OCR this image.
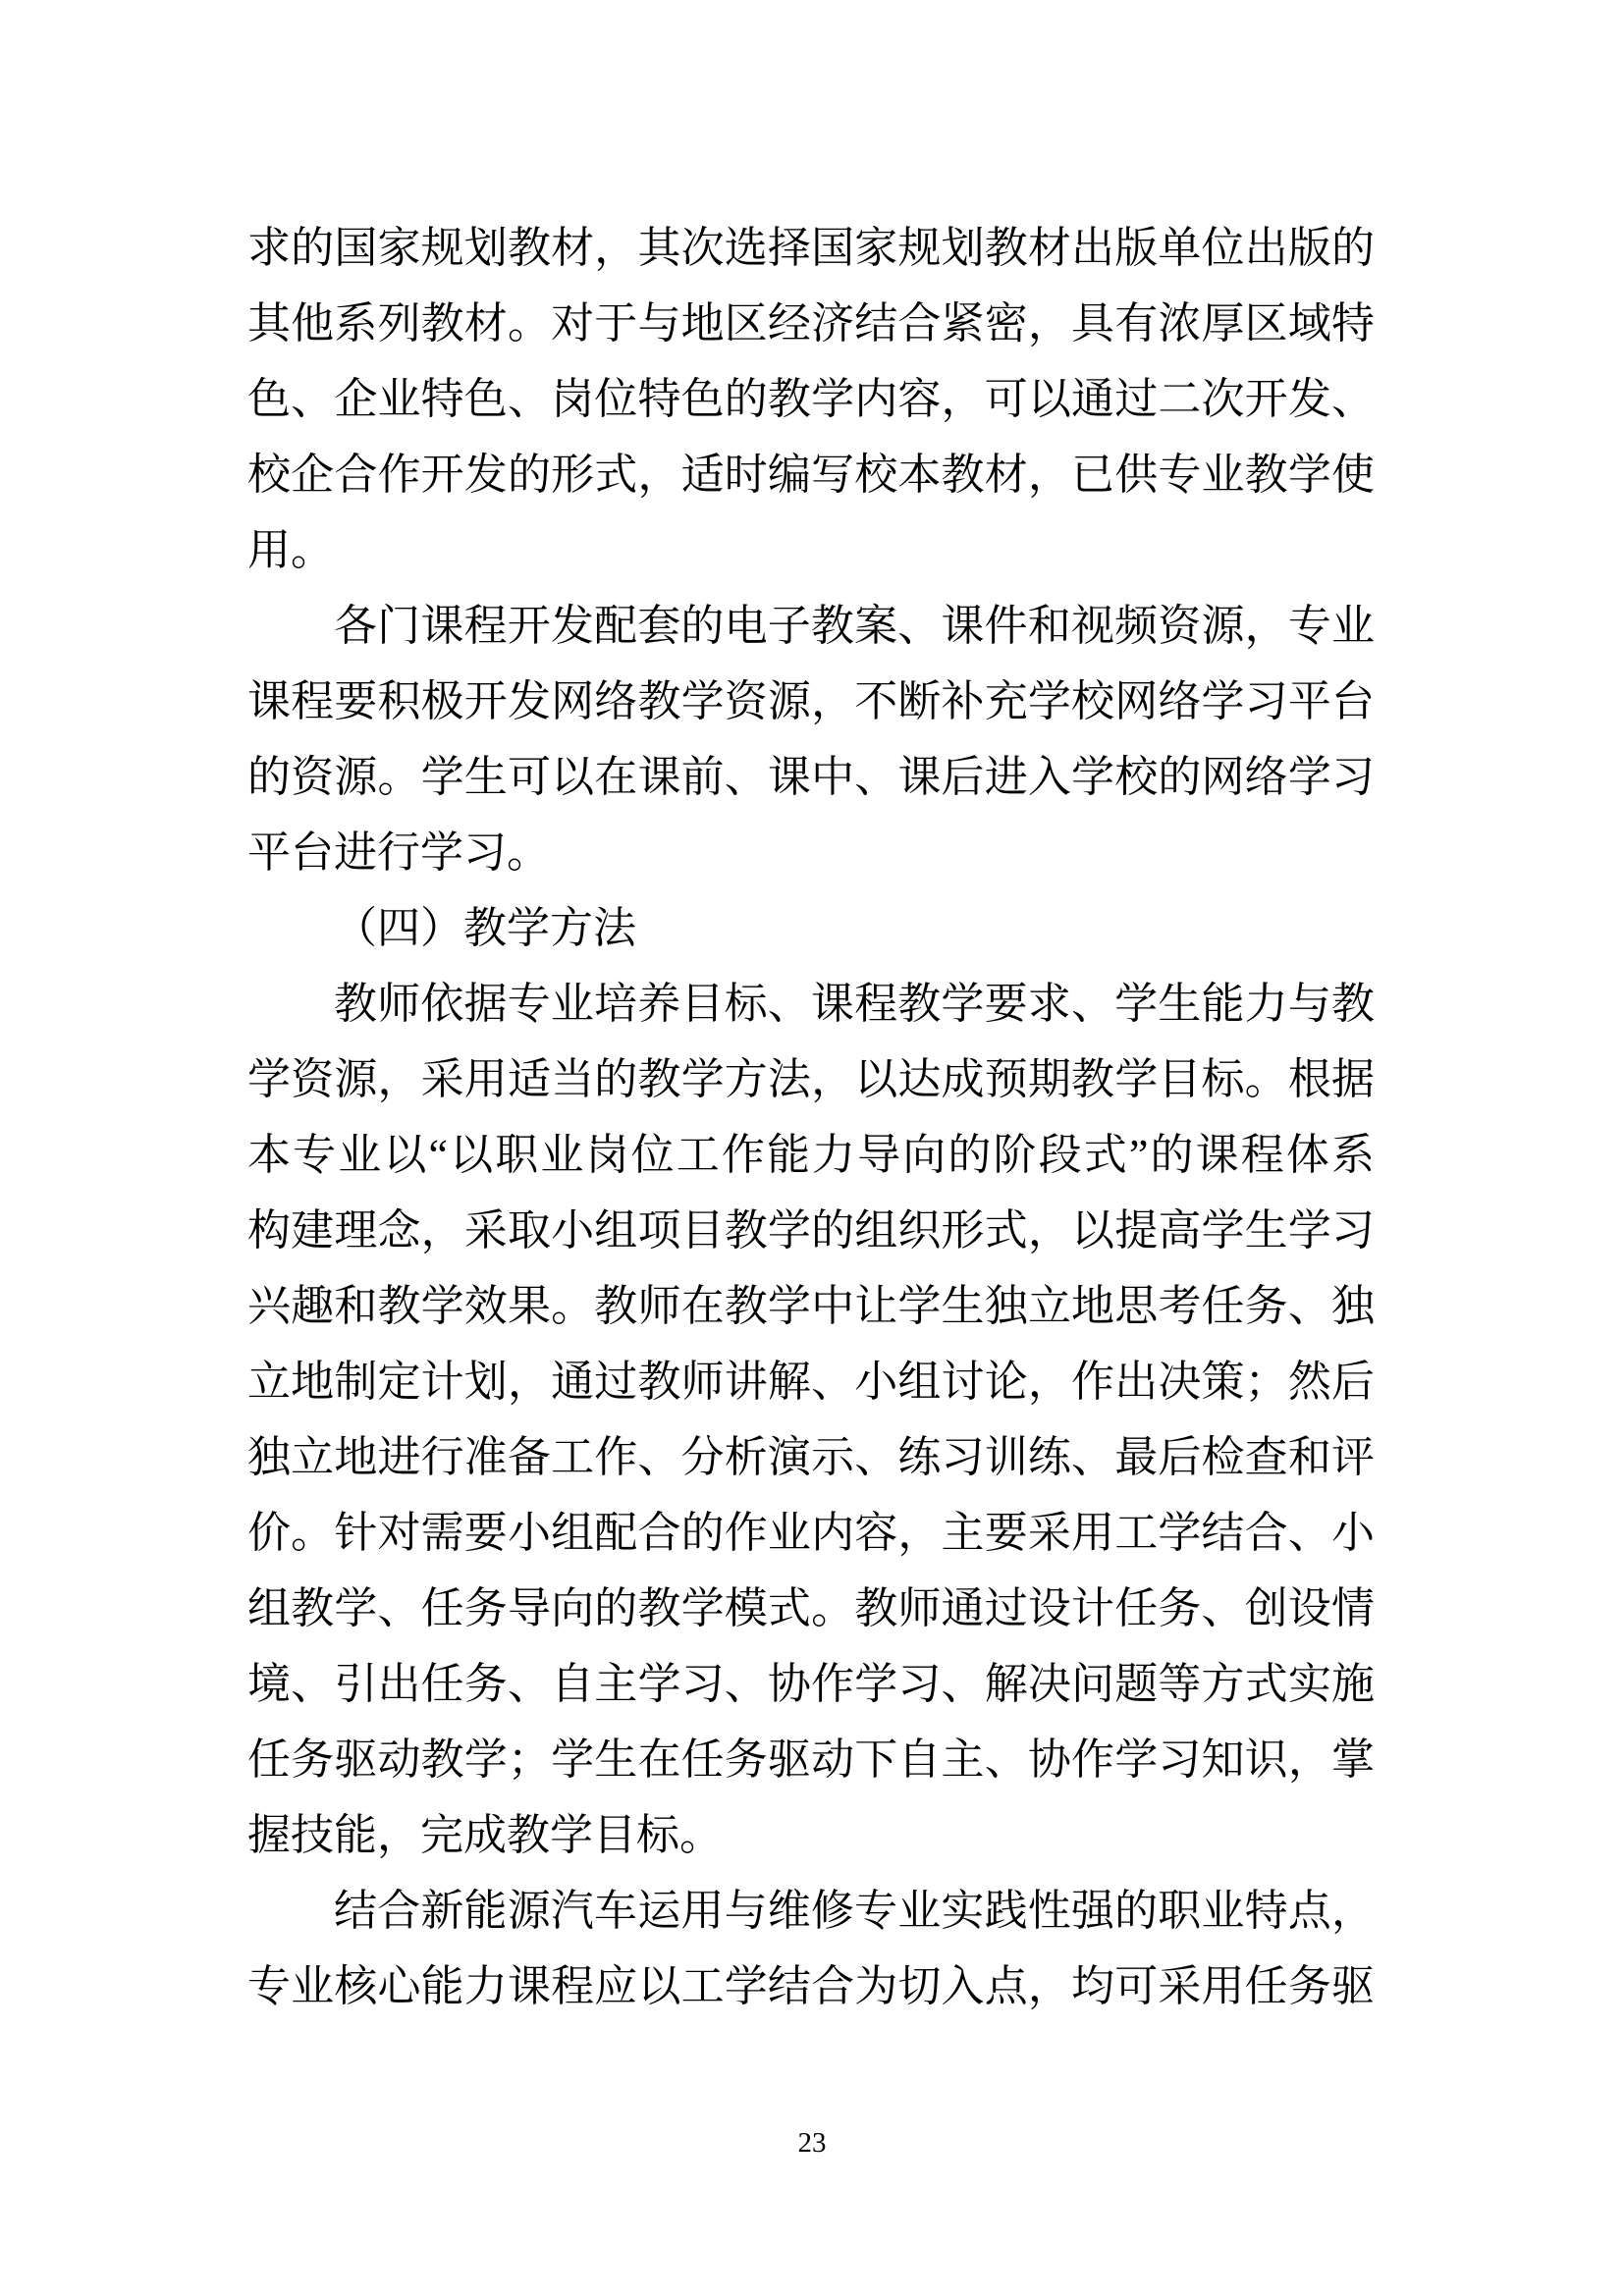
求的国家规划教材，其次选择国家规划教材出版单位出版的
其他系列教材。对于与地区经济结合紧密，具有浓厚区域特
色、企业特色、岗位特色的教学内容，可以通过二次开发、
校企合作开发的形式，适时编写校本教材，已供专业教学使
用。
各门课程开发配套的电子教案、课件和视频资源，专业
课程要积极开发网络教学资源，不断补充学校网络学习平台
的资源。学生可以在课前、课中、课后进入学校的网络学习
平台进行学习。
（四）教学方法
教师依据专业培养目标、课程教学要求、学生能力与教
学资源，采用适当的教学方法，以达成预期教学目标。根据
本专业以“以职业岗位工作能力导向的阶段式”的课程体系
构建理念，采取小组项目教学的组织形式，以提高学生学习
兴趣和教学效果。教师在教学中让学生独立地思考任务、独
立地制定计划，通过教师讲解、小组讨论，作出决策；然后
独立地进行准备工作、分析演示、练习训练、最后检查和评
价。针对需要小组配合的作业内容，主要采用工学结合、小
组教学、任务导向的教学模式。教师通过设计任务、创设情
境、引出任务、自主学习、协作学习、解决问题等方式实施
任务驱动教学；学生在任务驱动下自主、协作学习知识，掌
握技能，完成教学目标。
结合新能源汽车运用与维修专业实践性强的职业特点，
专业核心能力课程应以工学结合为切入点，均可采用任务驱
23
